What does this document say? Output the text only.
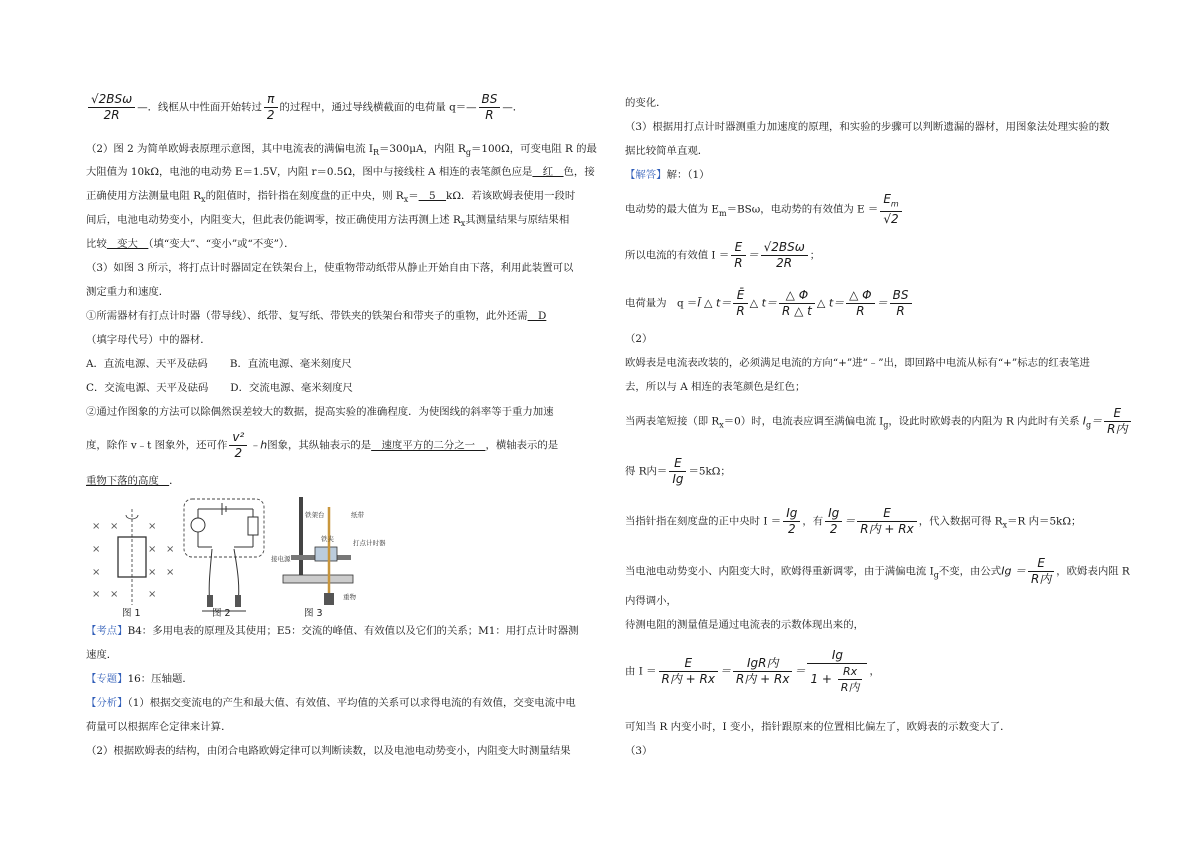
$\frac{\text{√2BSω}}{2R}$ —．线框从中性面开始转过 $\frac{\pi}{2}$ 的过程中，通过导线横截面的电荷量 q＝— $\frac{BS}{R}$ —．
（2）图 2 为简单欧姆表原理示意图，其中电流表的满偏电流 $I_R=300\mu A$，内阻 $R_g=100\Omega$，可变电阻 R 的最
大阻值为 10kΩ，电池的电动势 E＝1.5V，内阻 r＝0.5Ω，图中与接线柱 A 相连的表笔颜色应是　红　色，接
正确使用方法测量电阻 $R_x$的阻值时，指针指在刻度盘的正中央，则 $R_x=$　5　kΩ．若该欧姆表使用一段时
间后，电池电动势变小，内阻变大，但此表仍能调零，按正确使用方法再测上述 $R_x$其测量结果与原结果相
比较　变大　（填“变大”、“变小”或“不变”）．
（3）如图 3 所示，将打点计时器固定在铁架台上，使重物带动纸带从静止开始自由下落，利用此装置可以
测定重力和速度．
①所需器材有打点计时器（带导线）、纸带、复写纸、带铁夹的铁架台和带夹子的重物，此外还需　D
（填字母代号）中的器材．
A．直流电源、天平及砝码 B．直流电源、毫米刻度尺
C．交流电源、天平及砝码 D．交流电源、毫米刻度尺
②通过作图象的方法可以除偶然误差较大的数据，提高实验的准确程度．为使图线的斜率等于重力加速
度，除作 v﹣t 图象外，还可作 $\frac{\text{v²}}{2}$ ﹣h图象，其纵轴表示的是　速度平方的二分之一　，横轴表示的是
重物下落的高度　．
× ×	×
×	× ×
×	× ×
× ×	×
图 1	图 2
铁架台	纸带
打点计时器
接电源
铁夹
重物
图 3
【考点】B4：多用电表的原理及其使用；E5：交流的峰值、有效值以及它们的关系；M1：用打点计时器测
速度．
【专题】16：压轴题．
【分析】（1）根据交变流电的产生和最大值、有效值、平均值的关系可以求得电流的有效值，交变电流中电
荷量可以根据库仑定律来计算．
（2）根据欧姆表的结构，由闭合电路欧姆定律可以判断读数，以及电池电动势变小，内阻变大时测量结果
的变化．
（3）根据用打点计时器测重力加速度的原理，和实验的步骤可以判断遗漏的器材，用图象法处理实验的数
据比较简单直观．
【解答】解：（1）
电动势的最大值为 $E_m=BS\omega$，电动势的有效值为 $E = \frac{E_m}{√2}$
所以电流的有效值 $I = \frac{E}{R} = \frac{\text{√2BSω}}{2R}$ ；
电荷量为　q ＝Ī △ $t= \frac{Ē}{R}$ △ $t= \frac{\triangle \Phi}{R \triangle t}$ △ $t= \frac{\triangle \Phi}{R} = \frac{BS}{R}$
（2）
欧姆表是电流表改装的，必须满足电流的方向“+”进“﹣”出，即回路中电流从标有“+”标志的红表笔进
去，所以与 A 相连的表笔颜色是红色；
当两表笔短接（即 $R_x=0$）时，电流表应调至满偏电流 $I_g$，设此时欧姆表的内阻为 R 内此时有关系 $I_g= \frac{E}{\text{R内}}$
得 R内＝ $\frac{E}{Ig} =5k\Omega$；
当指针指在刻度盘的正中央时 $I = \frac{Ig}{2}$ ，有 $\frac{Ig}{2} = \frac{E}{\text{R内 + Rx}}$ ，代入数据可得 $R_x=R$ 内＝5kΩ；
当电池电动势变小、内阻变大时，欧姆得重新调零，由于满偏电流 $I_g$不变，由公式$Ig = \frac{E}{\text{R内}}$ ，欧姆表内阻 R
内得调小，
待测电阻的测量值是通过电流表的示数体现出来的，
由 $I = \frac{E}{\text{R内 + Rx}} = \frac{\text{IgR内}}{\text{R内 + Rx}} = \frac{Ig}{1 + \frac{Rx}{\text{R内}}}$ ，
可知当 R 内变小时，I 变小，指针跟原来的位置相比偏左了，欧姆表的示数变大了．
（3）
